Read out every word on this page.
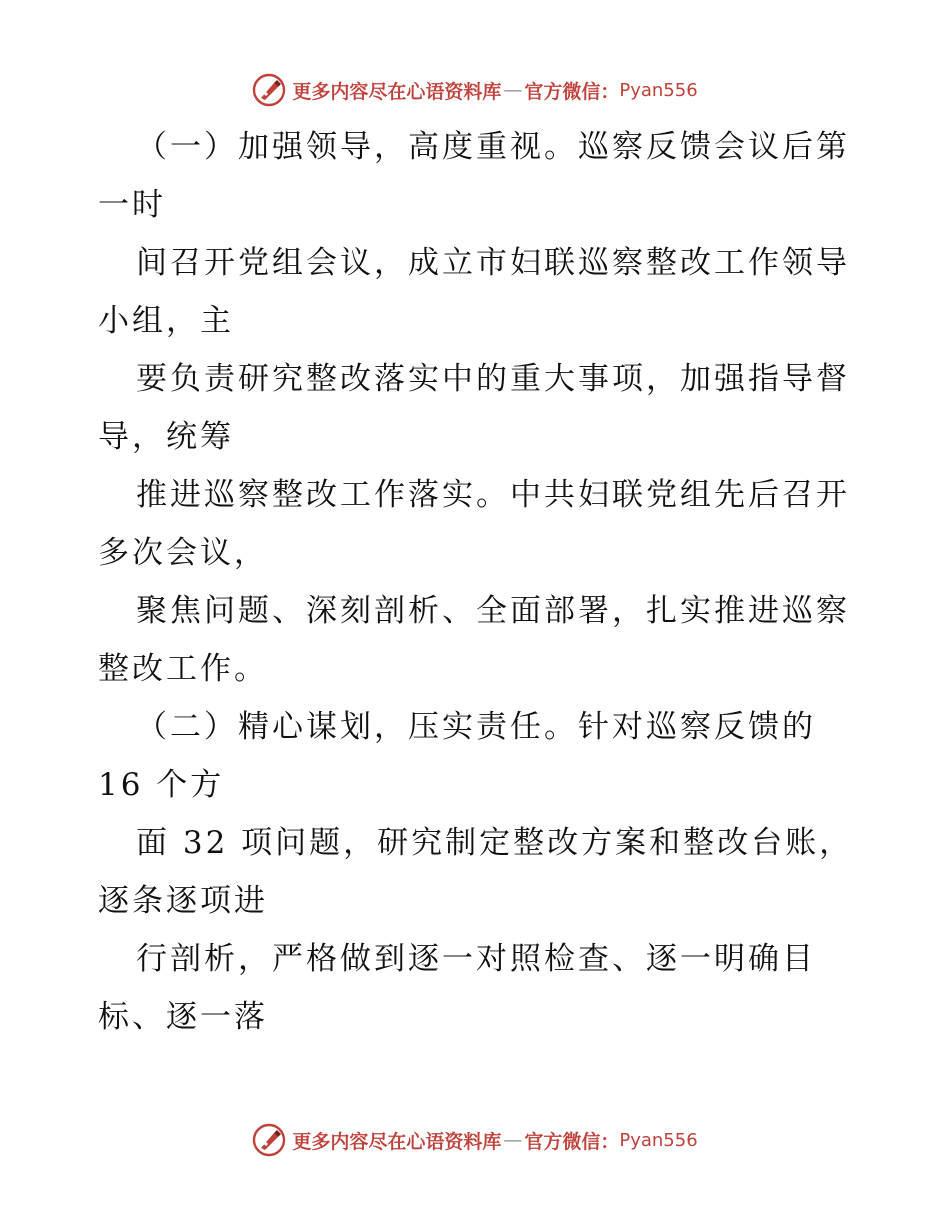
更多内容尽在心语资料库 — 官方微信： Pyan556

（一）加强领导，高度重视。巡察反馈会议后第一时

间召开党组会议，成立市妇联巡察整改工作领导小组，主

要负责研究整改落实中的重大事项，加强指导督导，统筹

推进巡察整改工作落实。中共妇联党组先后召开多次会议，

聚焦问题、深刻剖析、全面部署，扎实推进巡察整改工作。

（二）精心谋划，压实责任。针对巡察反馈的 16 个方

面 32 项问题，研究制定整改方案和整改台账，逐条逐项进

行剖析，严格做到逐一对照检查、逐一明确目标、逐一落

更多内容尽在心语资料库 — 官方微信： Pyan556
